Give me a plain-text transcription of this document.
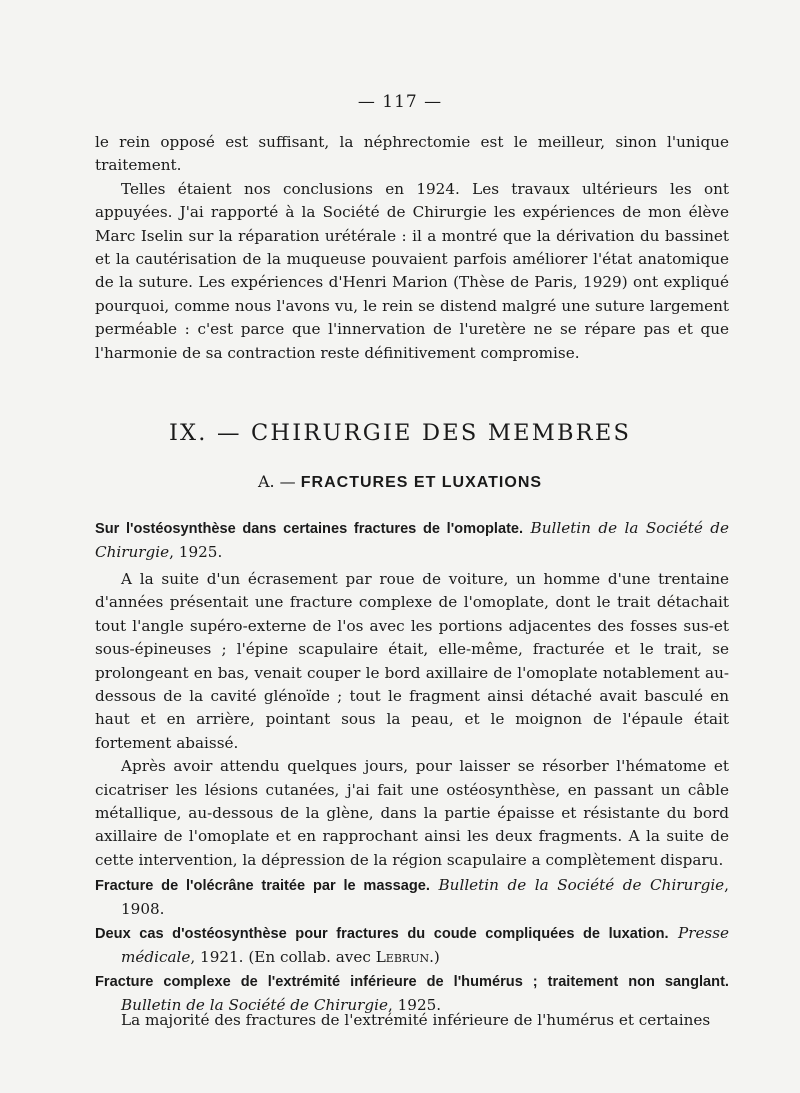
— 117 —

le rein opposé est suffisant, la néphrectomie est le meilleur, sinon l'unique traitement.

Telles étaient nos conclusions en 1924. Les travaux ultérieurs les ont appuyées. J'ai rapporté à la Société de Chirurgie les expériences de mon élève Marc Iselin sur la réparation urétérale : il a montré que la dérivation du bassinet et la cautérisation de la muqueuse pouvaient parfois améliorer l'état anatomique de la suture. Les expériences d'Henri Marion (Thèse de Paris, 1929) ont expliqué pourquoi, comme nous l'avons vu, le rein se distend malgré une suture largement perméable : c'est parce que l'innervation de l'uretère ne se répare pas et que l'harmonie de sa contraction reste définitivement compromise.

IX. — CHIRURGIE DES MEMBRES
A. — FRACTURES ET LUXATIONS

Sur l'ostéosynthèse dans certaines fractures de l'omoplate. Bulletin de la Société de Chirurgie, 1925.

A la suite d'un écrasement par roue de voiture, un homme d'une trentaine d'années présentait une fracture complexe de l'omoplate, dont le trait détachait tout l'angle supéro-externe de l'os avec les portions adjacentes des fosses sus-et sous-épineuses ; l'épine scapulaire était, elle-même, fracturée et le trait, se prolongeant en bas, venait couper le bord axillaire de l'omoplate notablement au-dessous de la cavité glénoïde ; tout le fragment ainsi détaché avait basculé en haut et en arrière, pointant sous la peau, et le moignon de l'épaule était fortement abaissé.

Après avoir attendu quelques jours, pour laisser se résorber l'hématome et cicatriser les lésions cutanées, j'ai fait une ostéosynthèse, en passant un câble métallique, au-dessous de la glène, dans la partie épaisse et résistante du bord axillaire de l'omoplate et en rapprochant ainsi les deux fragments. A la suite de cette intervention, la dépression de la région scapulaire a complètement disparu.

Fracture de l'olécrâne traitée par le massage. Bulletin de la Société de Chirurgie, 1908.

Deux cas d'ostéosynthèse pour fractures du coude compliquées de luxation. Presse médicale, 1921. (En collab. avec Lebrun.)

Fracture complexe de l'extrémité inférieure de l'humérus ; traitement non sanglant. Bulletin de la Société de Chirurgie, 1925.

La majorité des fractures de l'extrémité inférieure de l'humérus et certaines
